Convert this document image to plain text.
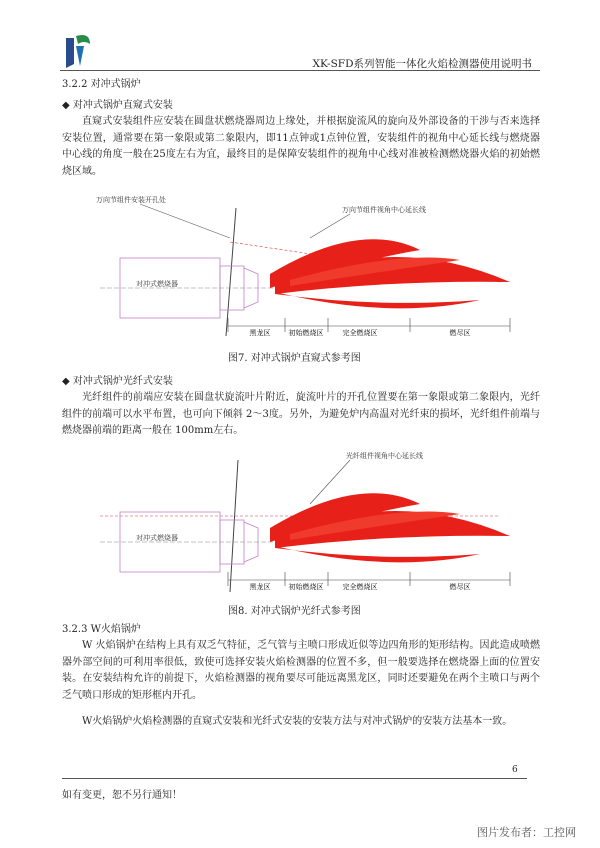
XK-SFD系列智能一体化火焰检测器使用说明书
3.2.2 对冲式锅炉
◆ 对冲式锅炉直窥式安装
直窥式安装组件应安装在圆盘状燃烧器周边上缘处，并根据旋流风的旋向及外部设备的干涉与否来选择安装位置，通常要在第一象限或第二象限内，即11点钟或1点钟位置，安装组件的视角中心延长线与燃烧器中心线的角度一般在25度左右为宜，最终目的是保障安装组件的视角中心线对准被检测燃烧器火焰的初始燃烧区域。
万向节组件安装开孔处
万向节组件视角中心延长线
对冲式燃烧器
黑龙区	初始燃烧区	完全燃烧区	燃尽区
图7. 对冲式锅炉直窥式参考图
◆ 对冲式锅炉光纤式安装
光纤组件的前端应安装在圆盘状旋流叶片附近，旋流叶片的开孔位置要在第一象限或第二象限内，光纤组件的前端可以水平布置，也可向下倾斜 2～3度。另外，为避免炉内高温对光纤束的损坏，光纤组件前端与燃烧器前端的距离一般在 100mm左右。
光纤组件视角中心延长线
对冲式燃烧器
黑龙区	初始燃烧区	完全燃烧区	燃尽区
图8. 对冲式锅炉光纤式参考图
3.2.3 W火焰锅炉
W 火焰锅炉在结构上具有双乏气特征，乏气管与主喷口形成近似等边四角形的矩形结构。因此造成喷燃器外部空间的可利用率很低，致使可选择安装火焰检测器的位置不多，但一般要选择在燃烧器上面的位置安装。在安装结构允许的前提下，火焰检测器的视角要尽可能远离黑龙区，同时还要避免在两个主喷口与两个乏气喷口形成的矩形框内开孔。
W火焰锅炉火焰检测器的直窥式安装和光纤式安装的安装方法与对冲式锅炉的安装方法基本一致。
6
如有变更，恕不另行通知！
图片发布者：工控网
